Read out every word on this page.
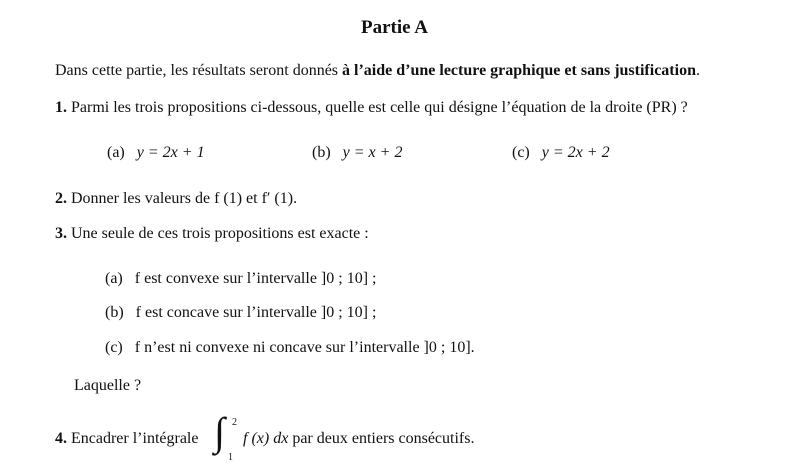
Partie A
Dans cette partie, les résultats seront donnés à l’aide d’une lecture graphique et sans justification.
1. Parmi les trois propositions ci-dessous, quelle est celle qui désigne l’équation de la droite (PR) ?
(a) y = 2x + 1	(b) y = x + 2	(c) y = 2x + 2
2. Donner les valeurs de f (1) et f′ (1).
3. Une seule de ces trois propositions est exacte :
(a) f est convexe sur l’intervalle ]0 ; 10] ;
(b) f est concave sur l’intervalle ]0 ; 10] ;
(c) f n’est ni convexe ni concave sur l’intervalle ]0 ; 10].
Laquelle ?
4. Encadrer l’intégrale ∫ 2
1
f (x) dx par deux entiers consécutifs.
